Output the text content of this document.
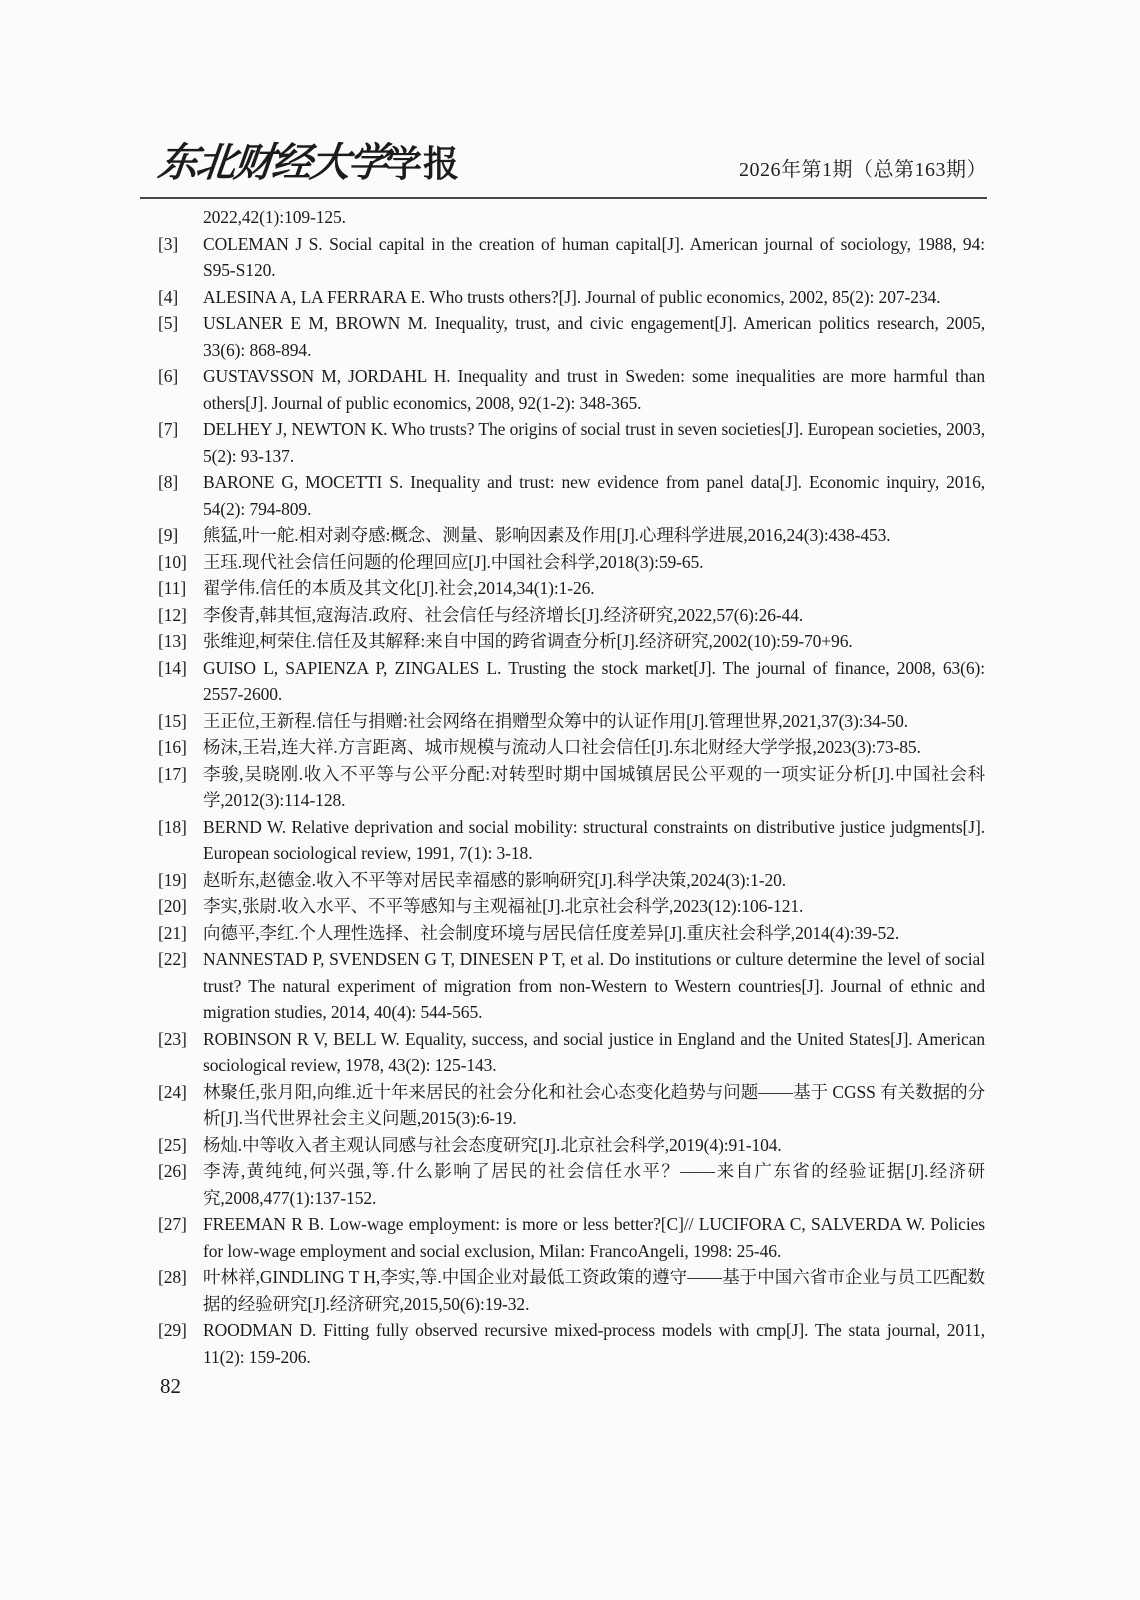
东北财经大学学报	2026年第1期（总第163期）
2022,42(1):109-125.
[3] COLEMAN J S. Social capital in the creation of human capital[J]. American journal of sociology, 1988, 94: S95-S120.
[4] ALESINA A, LA FERRARA E. Who trusts others?[J]. Journal of public economics, 2002, 85(2): 207-234.
[5] USLANER E M, BROWN M. Inequality, trust, and civic engagement[J]. American politics research, 2005, 33(6): 868-894.
[6] GUSTAVSSON M, JORDAHL H. Inequality and trust in Sweden: some inequalities are more harmful than others[J]. Journal of public economics, 2008, 92(1-2): 348-365.
[7] DELHEY J, NEWTON K. Who trusts? The origins of social trust in seven societies[J]. European societies, 2003, 5(2): 93-137.
[8] BARONE G, MOCETTI S. Inequality and trust: new evidence from panel data[J]. Economic inquiry, 2016, 54(2): 794-809.
[9] 熊猛,叶一舵.相对剥夺感:概念、测量、影响因素及作用[J].心理科学进展,2016,24(3):438-453.
[10] 王珏.现代社会信任问题的伦理回应[J].中国社会科学,2018(3):59-65.
[11] 翟学伟.信任的本质及其文化[J].社会,2014,34(1):1-26.
[12] 李俊青,韩其恒,寇海洁.政府、社会信任与经济增长[J].经济研究,2022,57(6):26-44.
[13] 张维迎,柯荣住.信任及其解释:来自中国的跨省调查分析[J].经济研究,2002(10):59-70+96.
[14] GUISO L, SAPIENZA P, ZINGALES L. Trusting the stock market[J]. The journal of finance, 2008, 63(6): 2557-2600.
[15] 王正位,王新程.信任与捐赠:社会网络在捐赠型众筹中的认证作用[J].管理世界,2021,37(3):34-50.
[16] 杨沫,王岩,连大祥.方言距离、城市规模与流动人口社会信任[J].东北财经大学学报,2023(3):73-85.
[17] 李骏,吴晓刚.收入不平等与公平分配:对转型时期中国城镇居民公平观的一项实证分析[J].中国社会科学,2012(3):114-128.
[18] BERND W. Relative deprivation and social mobility: structural constraints on distributive justice judgments[J]. European sociological review, 1991, 7(1): 3-18.
[19] 赵昕东,赵德金.收入不平等对居民幸福感的影响研究[J].科学决策,2024(3):1-20.
[20] 李实,张尉.收入水平、不平等感知与主观福祉[J].北京社会科学,2023(12):106-121.
[21] 向德平,李红.个人理性选择、社会制度环境与居民信任度差异[J].重庆社会科学,2014(4):39-52.
[22] NANNESTAD P, SVENDSEN G T, DINESEN P T, et al. Do institutions or culture determine the level of social trust? The natural experiment of migration from non-Western to Western countries[J]. Journal of ethnic and migration studies, 2014, 40(4): 544-565.
[23] ROBINSON R V, BELL W. Equality, success, and social justice in England and the United States[J]. American sociological review, 1978, 43(2): 125-143.
[24] 林聚任,张月阳,向维.近十年来居民的社会分化和社会心态变化趋势与问题——基于 CGSS 有关数据的分析[J].当代世界社会主义问题,2015(3):6-19.
[25] 杨灿.中等收入者主观认同感与社会态度研究[J].北京社会科学,2019(4):91-104.
[26] 李涛,黄纯纯,何兴强,等.什么影响了居民的社会信任水平？——来自广东省的经验证据[J].经济研究,2008,477(1):137-152.
[27] FREEMAN R B. Low-wage employment: is more or less better?[C]// LUCIFORA C, SALVERDA W. Policies for low-wage employment and social exclusion, Milan: FrancoAngeli, 1998: 25-46.
[28] 叶林祥,GINDLING T H,李实,等.中国企业对最低工资政策的遵守——基于中国六省市企业与员工匹配数据的经验研究[J].经济研究,2015,50(6):19-32.
[29] ROODMAN D. Fitting fully observed recursive mixed-process models with cmp[J]. The stata journal, 2011, 11(2): 159-206.
82
